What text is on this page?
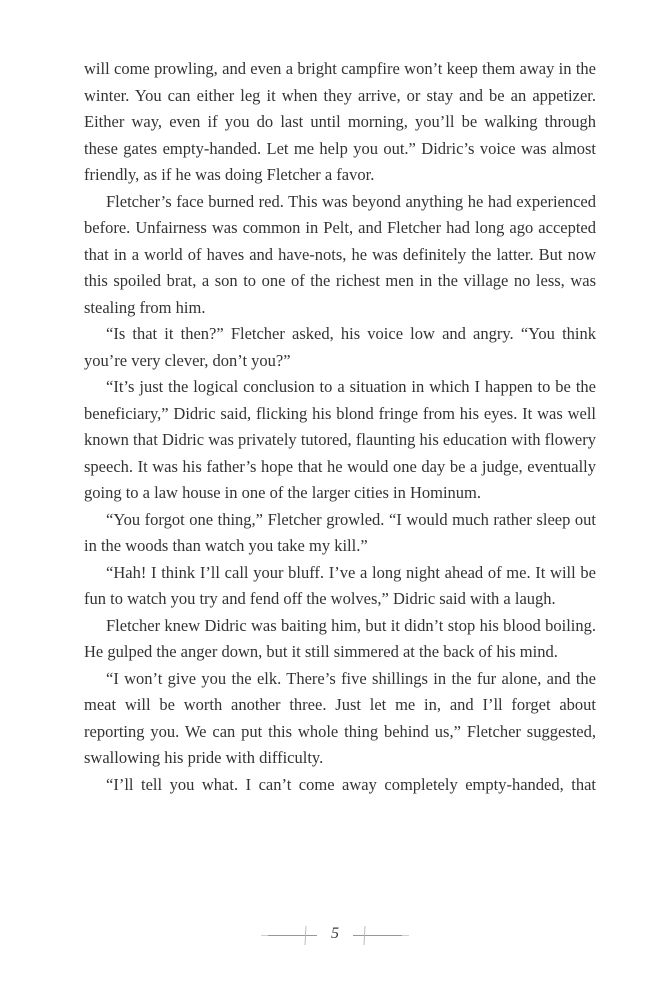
will come prowling, and even a bright campfire won’t keep them away in the winter. You can either leg it when they arrive, or stay and be an appetizer. Either way, even if you do last until morning, you’ll be walking through these gates empty-handed. Let me help you out.” Didric’s voice was almost friendly, as if he was doing Fletcher a favor.

Fletcher’s face burned red. This was beyond anything he had experienced before. Unfairness was common in Pelt, and Fletcher had long ago accepted that in a world of haves and have-nots, he was definitely the latter. But now this spoiled brat, a son to one of the richest men in the village no less, was stealing from him.

“Is that it then?” Fletcher asked, his voice low and angry. “You think you’re very clever, don’t you?”

“It’s just the logical conclusion to a situation in which I happen to be the beneficiary,” Didric said, flicking his blond fringe from his eyes. It was well known that Didric was privately tutored, flaunting his education with flowery speech. It was his father’s hope that he would one day be a judge, eventually going to a law house in one of the larger cities in Hominum.

“You forgot one thing,” Fletcher growled. “I would much rather sleep out in the woods than watch you take my kill.”

“Hah! I think I’ll call your bluff. I’ve a long night ahead of me. It will be fun to watch you try and fend off the wolves,” Didric said with a laugh.

Fletcher knew Didric was baiting him, but it didn’t stop his blood boiling. He gulped the anger down, but it still simmered at the back of his mind.

“I won’t give you the elk. There’s five shillings in the fur alone, and the meat will be worth another three. Just let me in, and I’ll forget about reporting you. We can put this whole thing behind us,” Fletcher suggested, swallowing his pride with difficulty.

“I’ll tell you what. I can’t come away completely empty-handed, that

5
